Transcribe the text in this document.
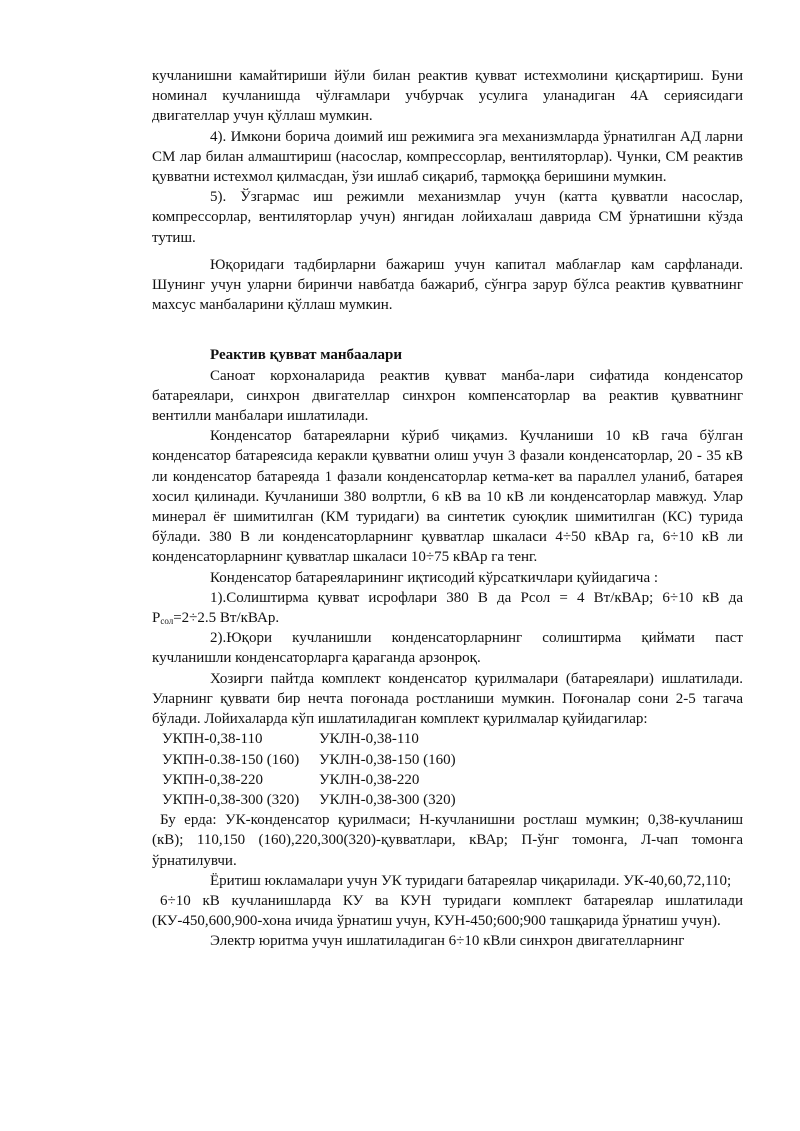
кучланишни камайтириши йўли билан реактив қувват истехмолини қисқартириш. Буни номинал кучланишда чўлғамлари учбурчак усулига уланадиган 4А сериясидаги двигателлар учун қўллаш мумкин.

4). Имкони борича доимий иш режимига эга механизмларда ўрнатилган АД ларни СМ лар билан алмаштириш (насослар, компрессорлар, вентиляторлар). Чунки, СМ реактив қувватни истехмол қилмасдан, ўзи ишлаб сиқариб, тармоққа беришини мумкин.

5). Ўзгармас иш режимли механизмлар учун (катта қувватли насослар, компрессорлар, вентиляторлар учун) янгидан лойихалаш даврида СМ ўрнатишни кўзда тутиш.

Юқоридаги тадбирларни бажариш учун капитал маблағлар кам сарфланади. Шунинг учун уларни биринчи навбатда бажариб, сўнгра зарур бўлса реактив қувватнинг махсус манбаларини қўллаш мумкин.

Реактив қувват манбаалари

Саноат корхоналарида реактив қувват манба-лари сифатида конденсатор батареялари, синхрон двигателлар синхрон компенсаторлар ва реактив қувватнинг вентилли манбалари ишлатилади.

Конденсатор батареяларни кўриб чиқамиз. Кучланиши 10 кВ гача бўлган конденсатор батареясида керакли қувватни олиш учун 3 фазали конденсаторлар, 20 - 35 кВ ли конденсатор батареяда 1 фазали конденсаторлар кетма-кет ва параллел уланиб, батарея хосил қилинади. Кучланиши 380 волртли, 6 кВ ва 10 кВ ли конденсаторлар мавжуд. Улар минерал ёғ шимитилган (КМ туридаги) ва синтетик суюқлик шимитилган (КС) турида бўлади. 380 В ли конденсаторларнинг қувватлар шкаласи 4÷50 кВАр га, 6÷10 кВ ли конденсаторларнинг қувватлар шкаласи 10÷75 кВАр га тенг.

Конденсатор батареяларининг иқтисодий кўрсаткичлари қуйидагича :

1).Солиштирма қувват исрофлари 380 В да Рсол = 4 Вт/кВАр; 6÷10 кВ да $Р_{сол}=2\div 2.5$ Вт/кВАр.

2).Юқори кучланишли конденсаторларнинг солиштирма қиймати паст кучланишли конденсаторларга қараганда арзонроқ.

Хозирги пайтда комплект конденсатор қурилмалари (батареялари) ишлатилади. Уларнинг қуввати бир нечта поғонада ростланиши мумкин. Поғоналар сони 2-5 тагача бўлади. Лойихаларда кўп ишлатиладиган комплект қурилмалар қуйидагилар:

УКПН-0,38-110	УКЛН-0,38-110
УКПН-0.38-150 (160)	УКЛН-0,38-150 (160)
УКПН-0,38-220	УКЛН-0,38-220
УКПН-0,38-300 (320)	УКЛН-0,38-300 (320)

Бу ерда: УК-конденсатор қурилмаси; Н-кучланишни ростлаш мумкин; 0,38-кучланиш (кВ); 110,150 (160),220,300(320)-қувватлари, кВАр; П-ўнг томонга, Л-чап томонга ўрнатилувчи.

Ёритиш юкламалари учун УК туридаги батареялар чиқарилади. УК-40,60,72,110;

6÷10 кВ кучланишларда КУ ва КУН туридаги комплект батареялар ишлатилади (КУ-450,600,900-хона ичида ўрнатиш учун, КУН-450;600;900 ташқарида ўрнатиш учун).

Электр юритма учун ишлатиладиган 6÷10 кВли синхрон двигателларнинг
